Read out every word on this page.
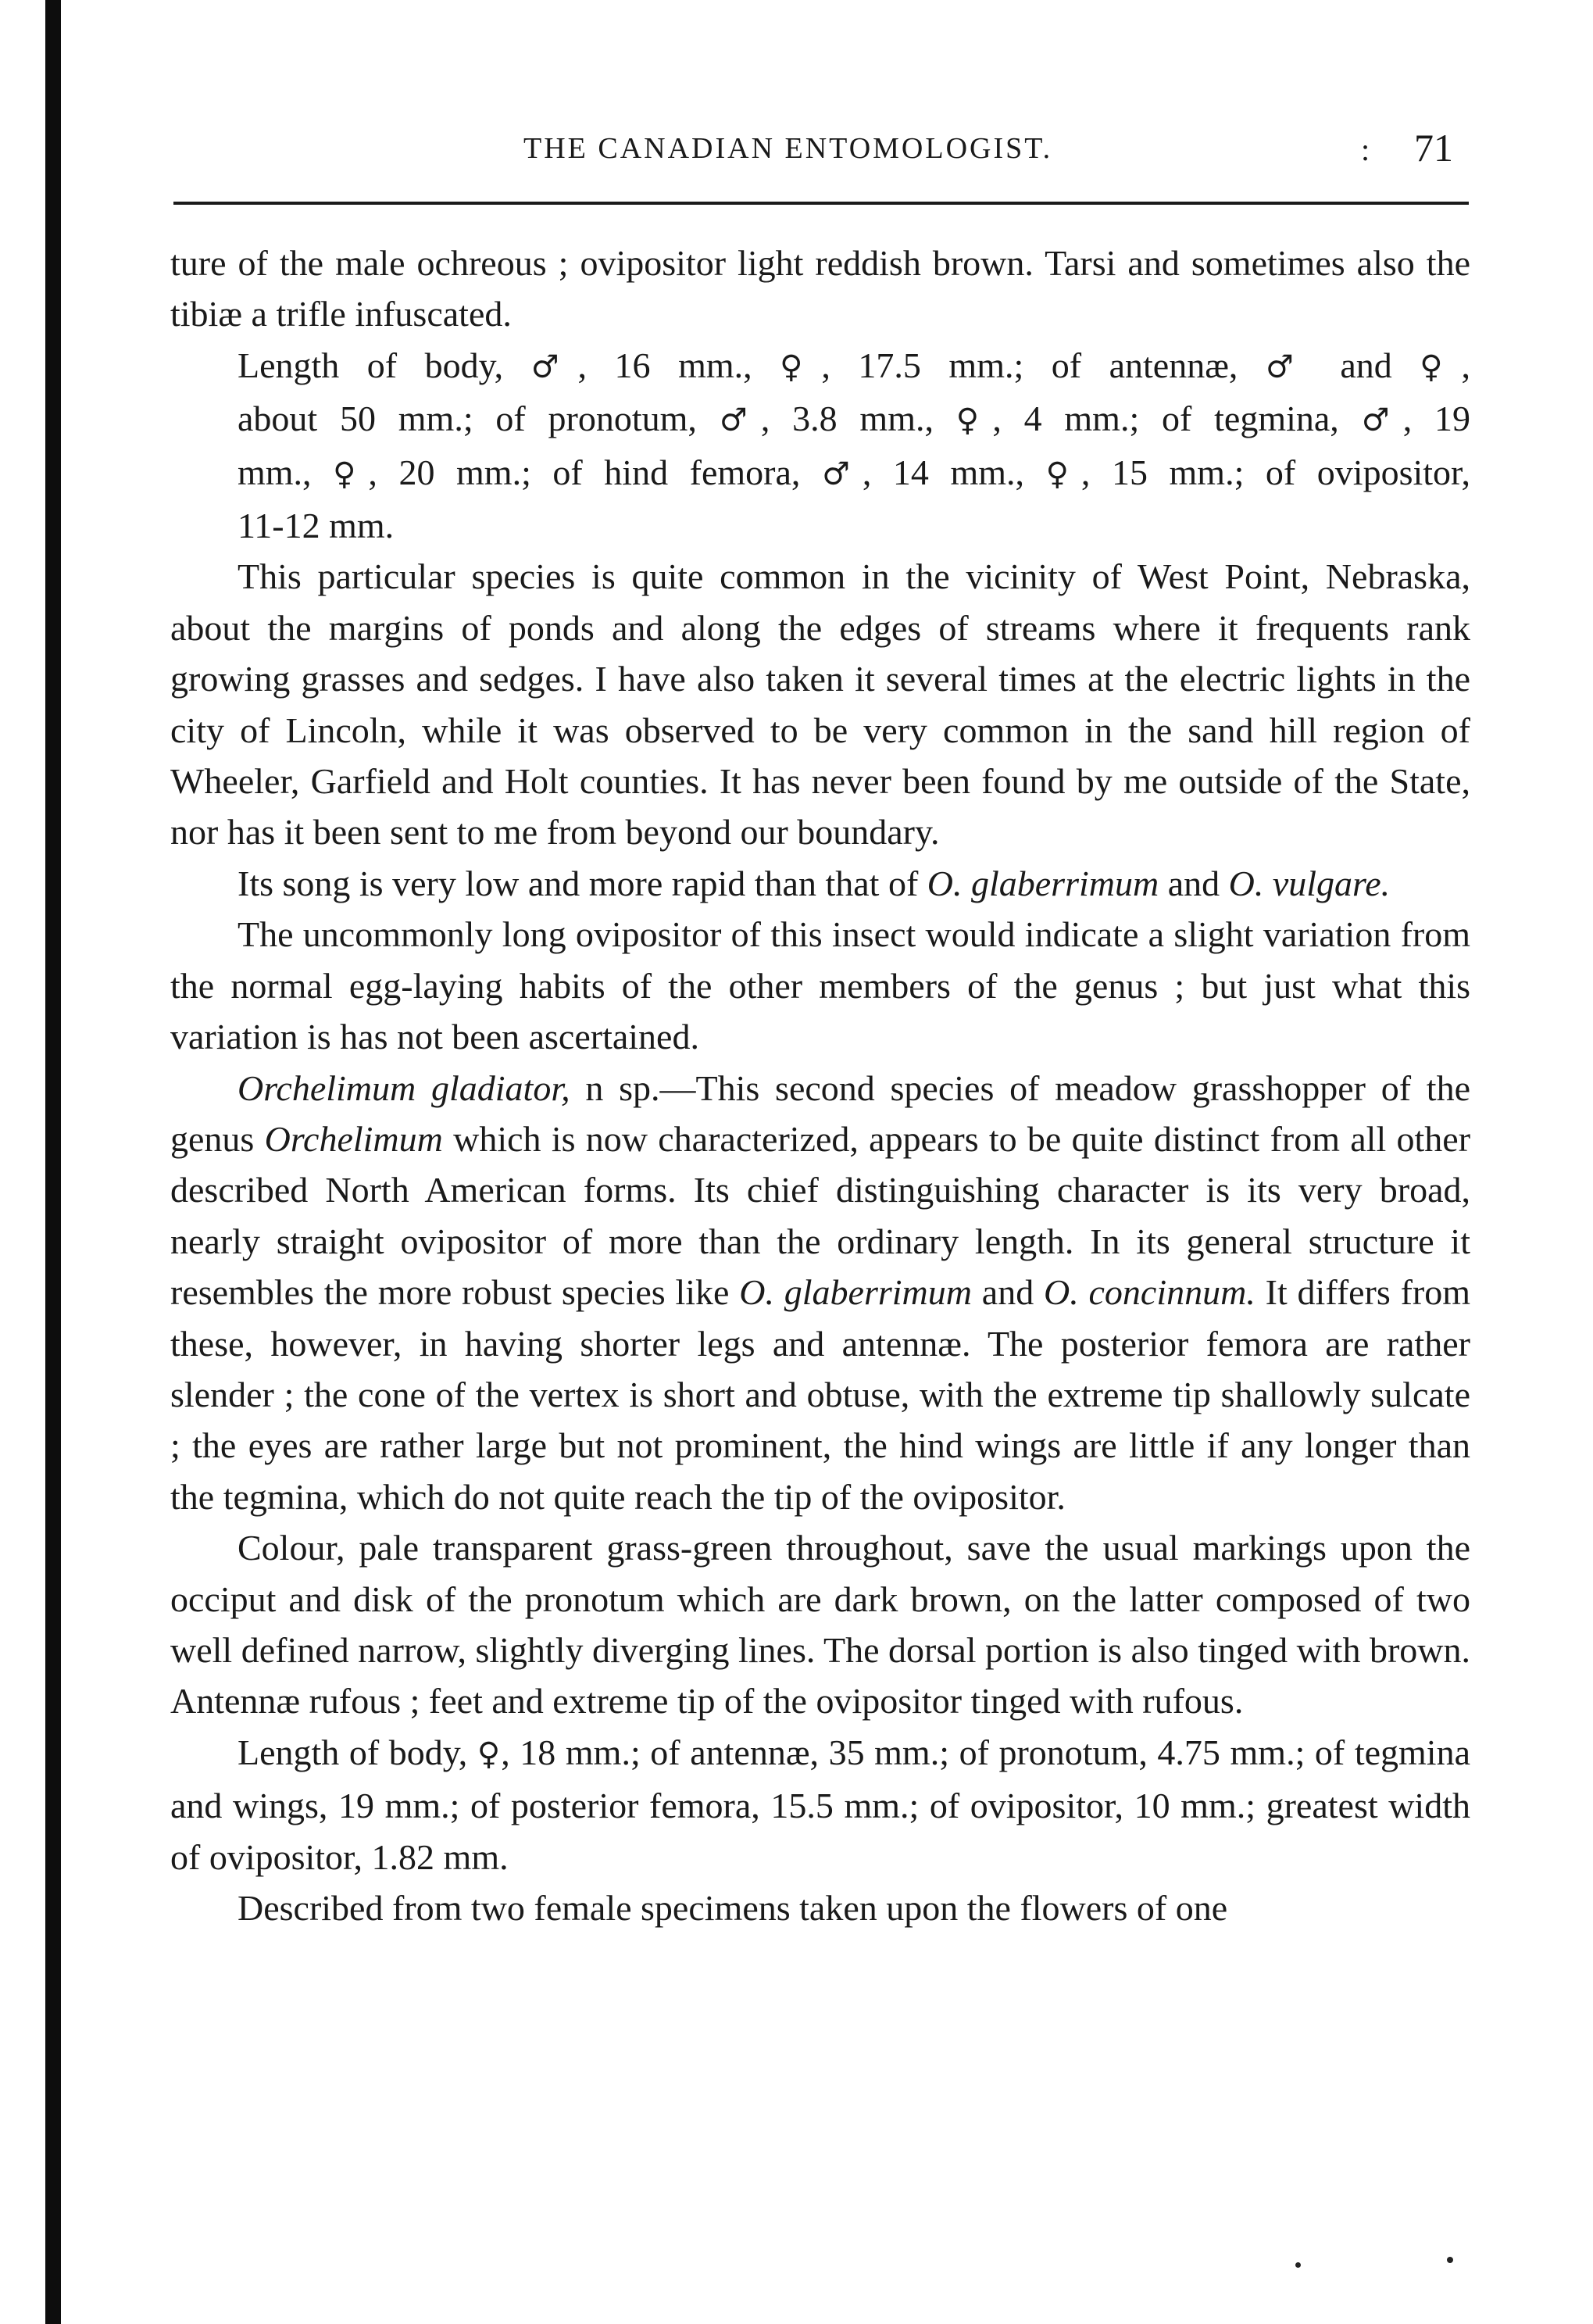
THE CANADIAN ENTOMOLOGIST.	: 71

ture of the male ochreous ; ovipositor light reddish brown. Tarsi and sometimes also the tibiæ a trifle infuscated.

Length of body, ♂, 16 mm., ♀, 17.5 mm.; of antennæ, ♂ and ♀,
about 50 mm.; of pronotum, ♂, 3.8 mm., ♀, 4 mm.; of tegmina, ♂, 19
mm., ♀, 20 mm.; of hind femora, ♂, 14 mm., ♀, 15 mm.; of ovipositor,
11-12 mm.

This particular species is quite common in the vicinity of West Point, Nebraska, about the margins of ponds and along the edges of streams where it frequents rank growing grasses and sedges. I have also taken it several times at the electric lights in the city of Lincoln, while it was observed to be very common in the sand hill region of Wheeler, Garfield and Holt counties. It has never been found by me outside of the State, nor has it been sent to me from beyond our boundary.

Its song is very low and more rapid than that of O. glaberrimum and O. vulgare.

The uncommonly long ovipositor of this insect would indicate a slight variation from the normal egg-laying habits of the other members of the genus ; but just what this variation is has not been ascertained.

Orchelimum gladiator, n sp.—This second species of meadow grasshopper of the genus Orchelimum which is now characterized, appears to be quite distinct from all other described North American forms. Its chief distinguishing character is its very broad, nearly straight ovipositor of more than the ordinary length. In its general structure it resembles the more robust species like O. glaberrimum and O. concinnum. It differs from these, however, in having shorter legs and antennæ. The posterior femora are rather slender ; the cone of the vertex is short and obtuse, with the extreme tip shallowly sulcate ; the eyes are rather large but not prominent, the hind wings are little if any longer than the tegmina, which do not quite reach the tip of the ovipositor.

Colour, pale transparent grass-green throughout, save the usual markings upon the occiput and disk of the pronotum which are dark brown, on the latter composed of two well defined narrow, slightly diverging lines. The dorsal portion is also tinged with brown. Antennæ rufous ; feet and extreme tip of the ovipositor tinged with rufous.

Length of body, ♀, 18 mm.; of antennæ, 35 mm.; of pronotum, 4.75 mm.; of tegmina and wings, 19 mm.; of posterior femora, 15.5 mm.; of ovipositor, 10 mm.; greatest width of ovipositor, 1.82 mm.

Described from two female specimens taken upon the flowers of one
